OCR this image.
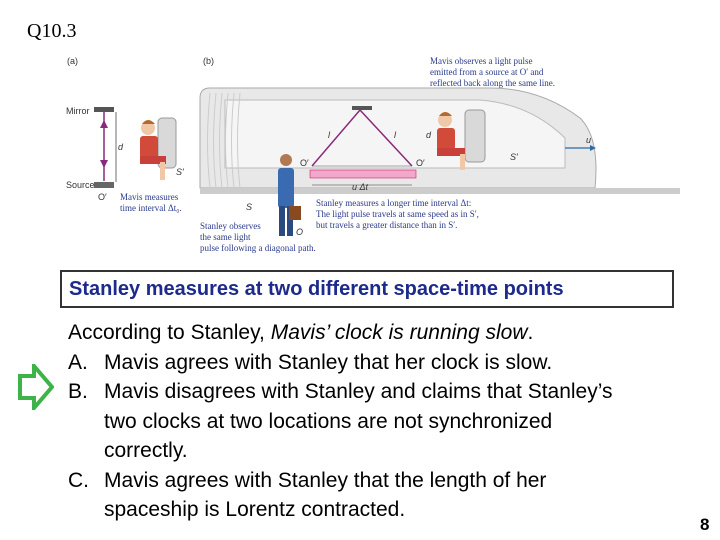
Q10.3
(a)	(b)
Mirror
d
Source
O′
S′
Mavis measures
time interval Δt₀.
l	l	d
O′	O′
u Δt
S′
u
Mavis observes a light pulse
emitted from a source at O′ and
reflected back along the same line.
S
O
Stanley observes
the same light
pulse following a diagonal path.
Stanley measures a longer time interval Δt:
The light pulse travels at same speed as in S′,
but travels a greater distance than in S′.
Stanley measures at two different space-time points
According to Stanley, Mavis’ clock is running slow.
A. Mavis agrees with Stanley that her clock is slow.
B. Mavis disagrees with Stanley and claims that Stanley’s two clocks at two locations are not synchronized correctly.
C. Mavis agrees with Stanley that the length of her spaceship is Lorentz contracted.
8
